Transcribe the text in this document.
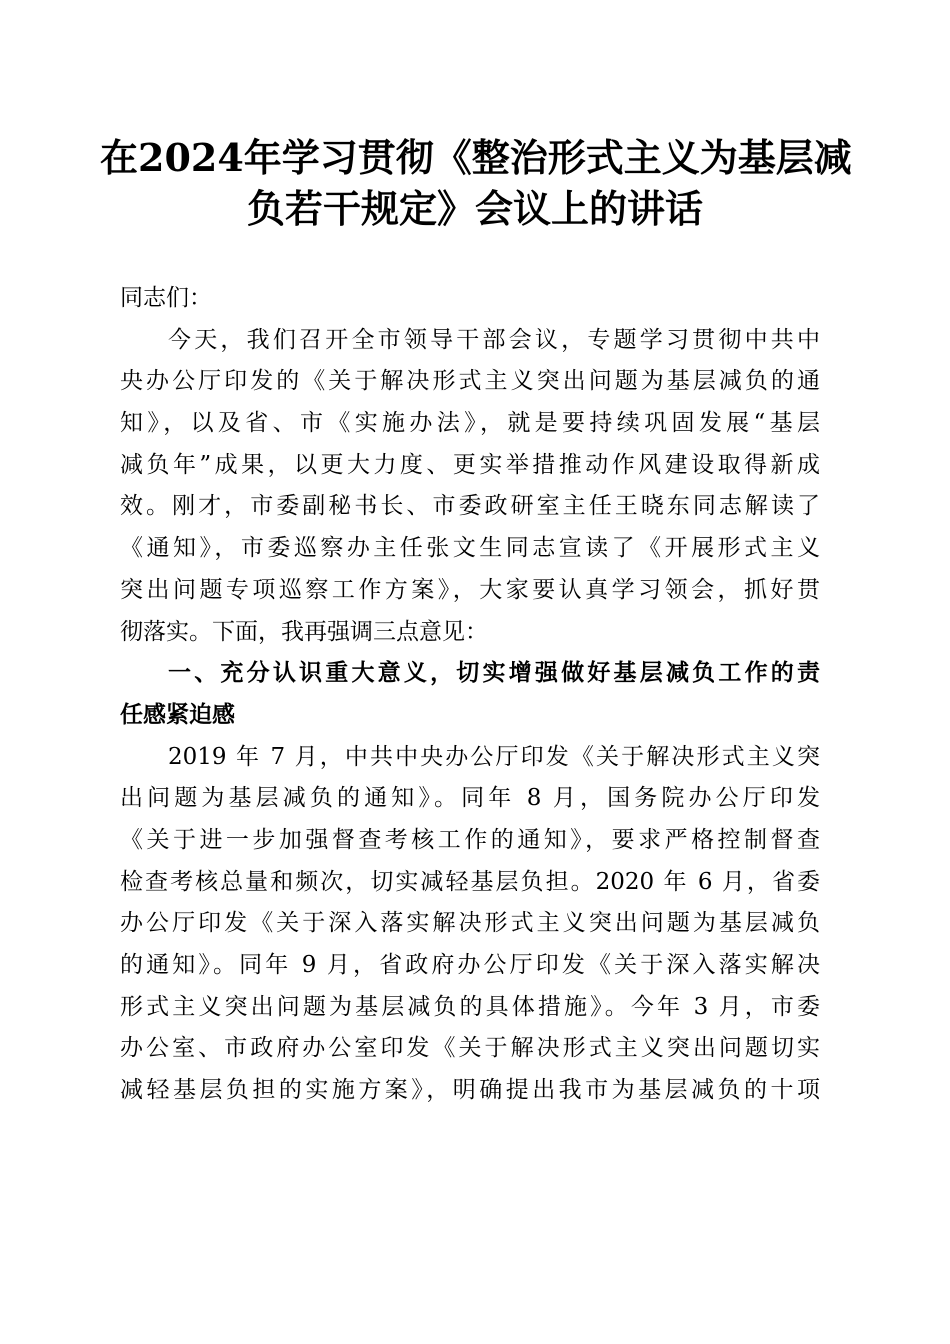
在2024年学习贯彻《整治形式主义为基层减
负若干规定》会议上的讲话
同志们：
今天，我们召开全市领导干部会议，专题学习贯彻中共中
央办公厅印发的《关于解决形式主义突出问题为基层减负的通
知》，以及省、市《实施办法》，就是要持续巩固发展“基层
减负年”成果，以更大力度、更实举措推动作风建设取得新成
效。刚才，市委副秘书长、市委政研室主任王晓东同志解读了
《通知》，市委巡察办主任张文生同志宣读了《开展形式主义
突出问题专项巡察工作方案》，大家要认真学习领会，抓好贯
彻落实。下面，我再强调三点意见：
一、充分认识重大意义，切实增强做好基层减负工作的责
任感紧迫感
2019 年 7 月，中共中央办公厅印发《关于解决形式主义突
出问题为基层减负的通知》。同年 8 月，国务院办公厅印发
《关于进一步加强督查考核工作的通知》，要求严格控制督查
检查考核总量和频次，切实减轻基层负担。2020 年 6 月，省委
办公厅印发《关于深入落实解决形式主义突出问题为基层减负
的通知》。同年 9 月，省政府办公厅印发《关于深入落实解决
形式主义突出问题为基层减负的具体措施》。今年 3 月，市委
办公室、市政府办公室印发《关于解决形式主义突出问题切实
减轻基层负担的实施方案》，明确提出我市为基层减负的十项
